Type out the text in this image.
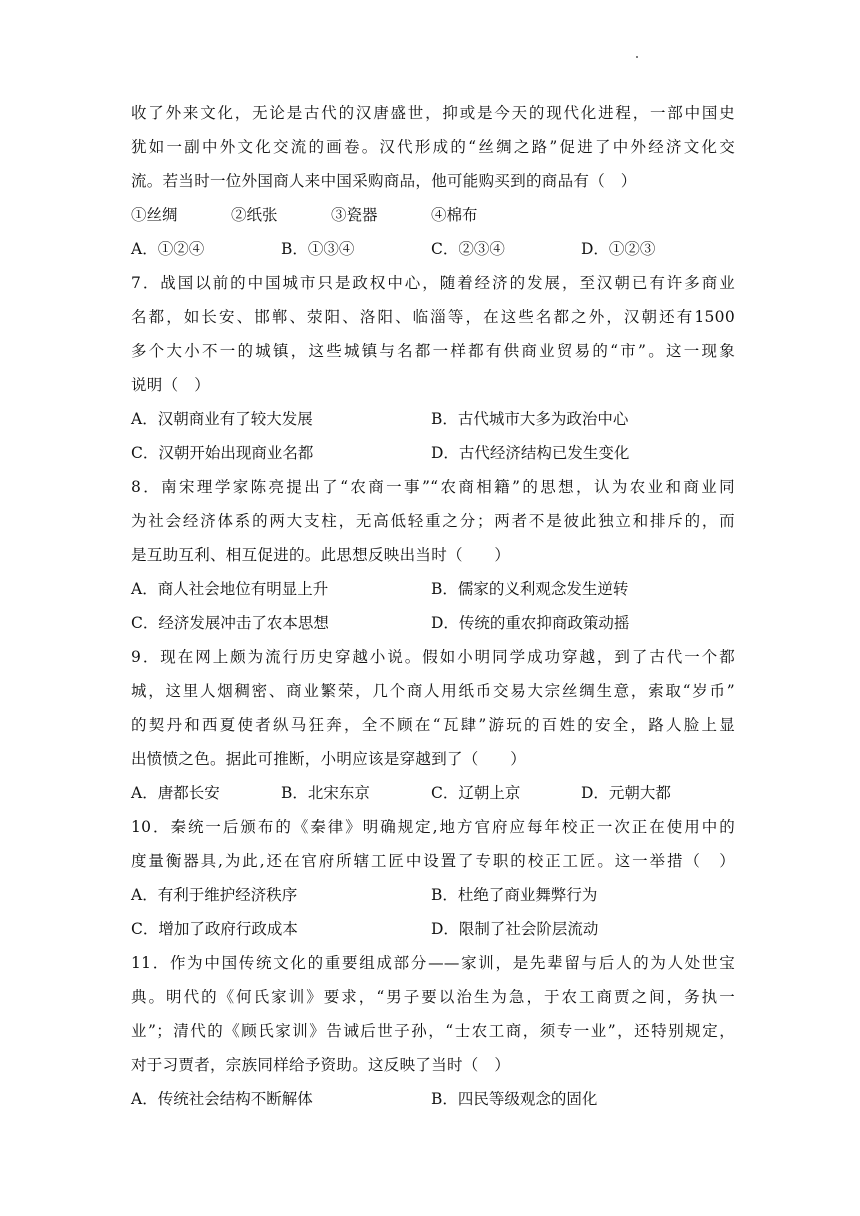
收了外来文化，无论是古代的汉唐盛世，抑或是今天的现代化进程，一部中国史
犹如一副中外文化交流的画卷。汉代形成的“丝绸之路”促进了中外经济文化交
流。若当时一位外国商人来中国采购商品，他可能购买到的商品有（　）
①丝绸	②纸张	③瓷器	④棉布
A．①②④	B．①③④	C．②③④	D．①②③
7．战国以前的中国城市只是政权中心，随着经济的发展，至汉朝已有许多商业
名都，如长安、邯郸、荥阳、洛阳、临淄等，在这些名都之外，汉朝还有1500
多个大小不一的城镇，这些城镇与名都一样都有供商业贸易的“市”。这一现象
说明（　）
A．汉朝商业有了较大发展	B．古代城市大多为政治中心
C．汉朝开始出现商业名都	D．古代经济结构已发生变化
8．南宋理学家陈亮提出了“农商一事”“农商相籍”的思想，认为农业和商业同
为社会经济体系的两大支柱，无高低轻重之分；两者不是彼此独立和排斥的，而
是互助互利、相互促进的。此思想反映出当时（　　）
A．商人社会地位有明显上升	B．儒家的义利观念发生逆转
C．经济发展冲击了农本思想	D．传统的重农抑商政策动摇
9．现在网上颇为流行历史穿越小说。假如小明同学成功穿越，到了古代一个都
城，这里人烟稠密、商业繁荣，几个商人用纸币交易大宗丝绸生意，索取“岁币”
的契丹和西夏使者纵马狂奔，全不顾在“瓦肆”游玩的百姓的安全，路人脸上显
出愤愤之色。据此可推断，小明应该是穿越到了（　　）
A．唐都长安	B．北宋东京	C．辽朝上京	D．元朝大都
10．秦统一后颁布的《秦律》明确规定,地方官府应每年校正一次正在使用中的
度量衡器具,为此,还在官府所辖工匠中设置了专职的校正工匠。这一举措（　）
A．有利于维护经济秩序	B．杜绝了商业舞弊行为
C．增加了政府行政成本	D．限制了社会阶层流动
11．作为中国传统文化的重要组成部分——家训，是先辈留与后人的为人处世宝
典。明代的《何氏家训》要求，“男子要以治生为急，于农工商贾之间，务执一
业”；清代的《顾氏家训》告诫后世子孙，“士农工商，须专一业”，还特别规定，
对于习贾者，宗族同样给予资助。这反映了当时（　）
A．传统社会结构不断解体	B．四民等级观念的固化
